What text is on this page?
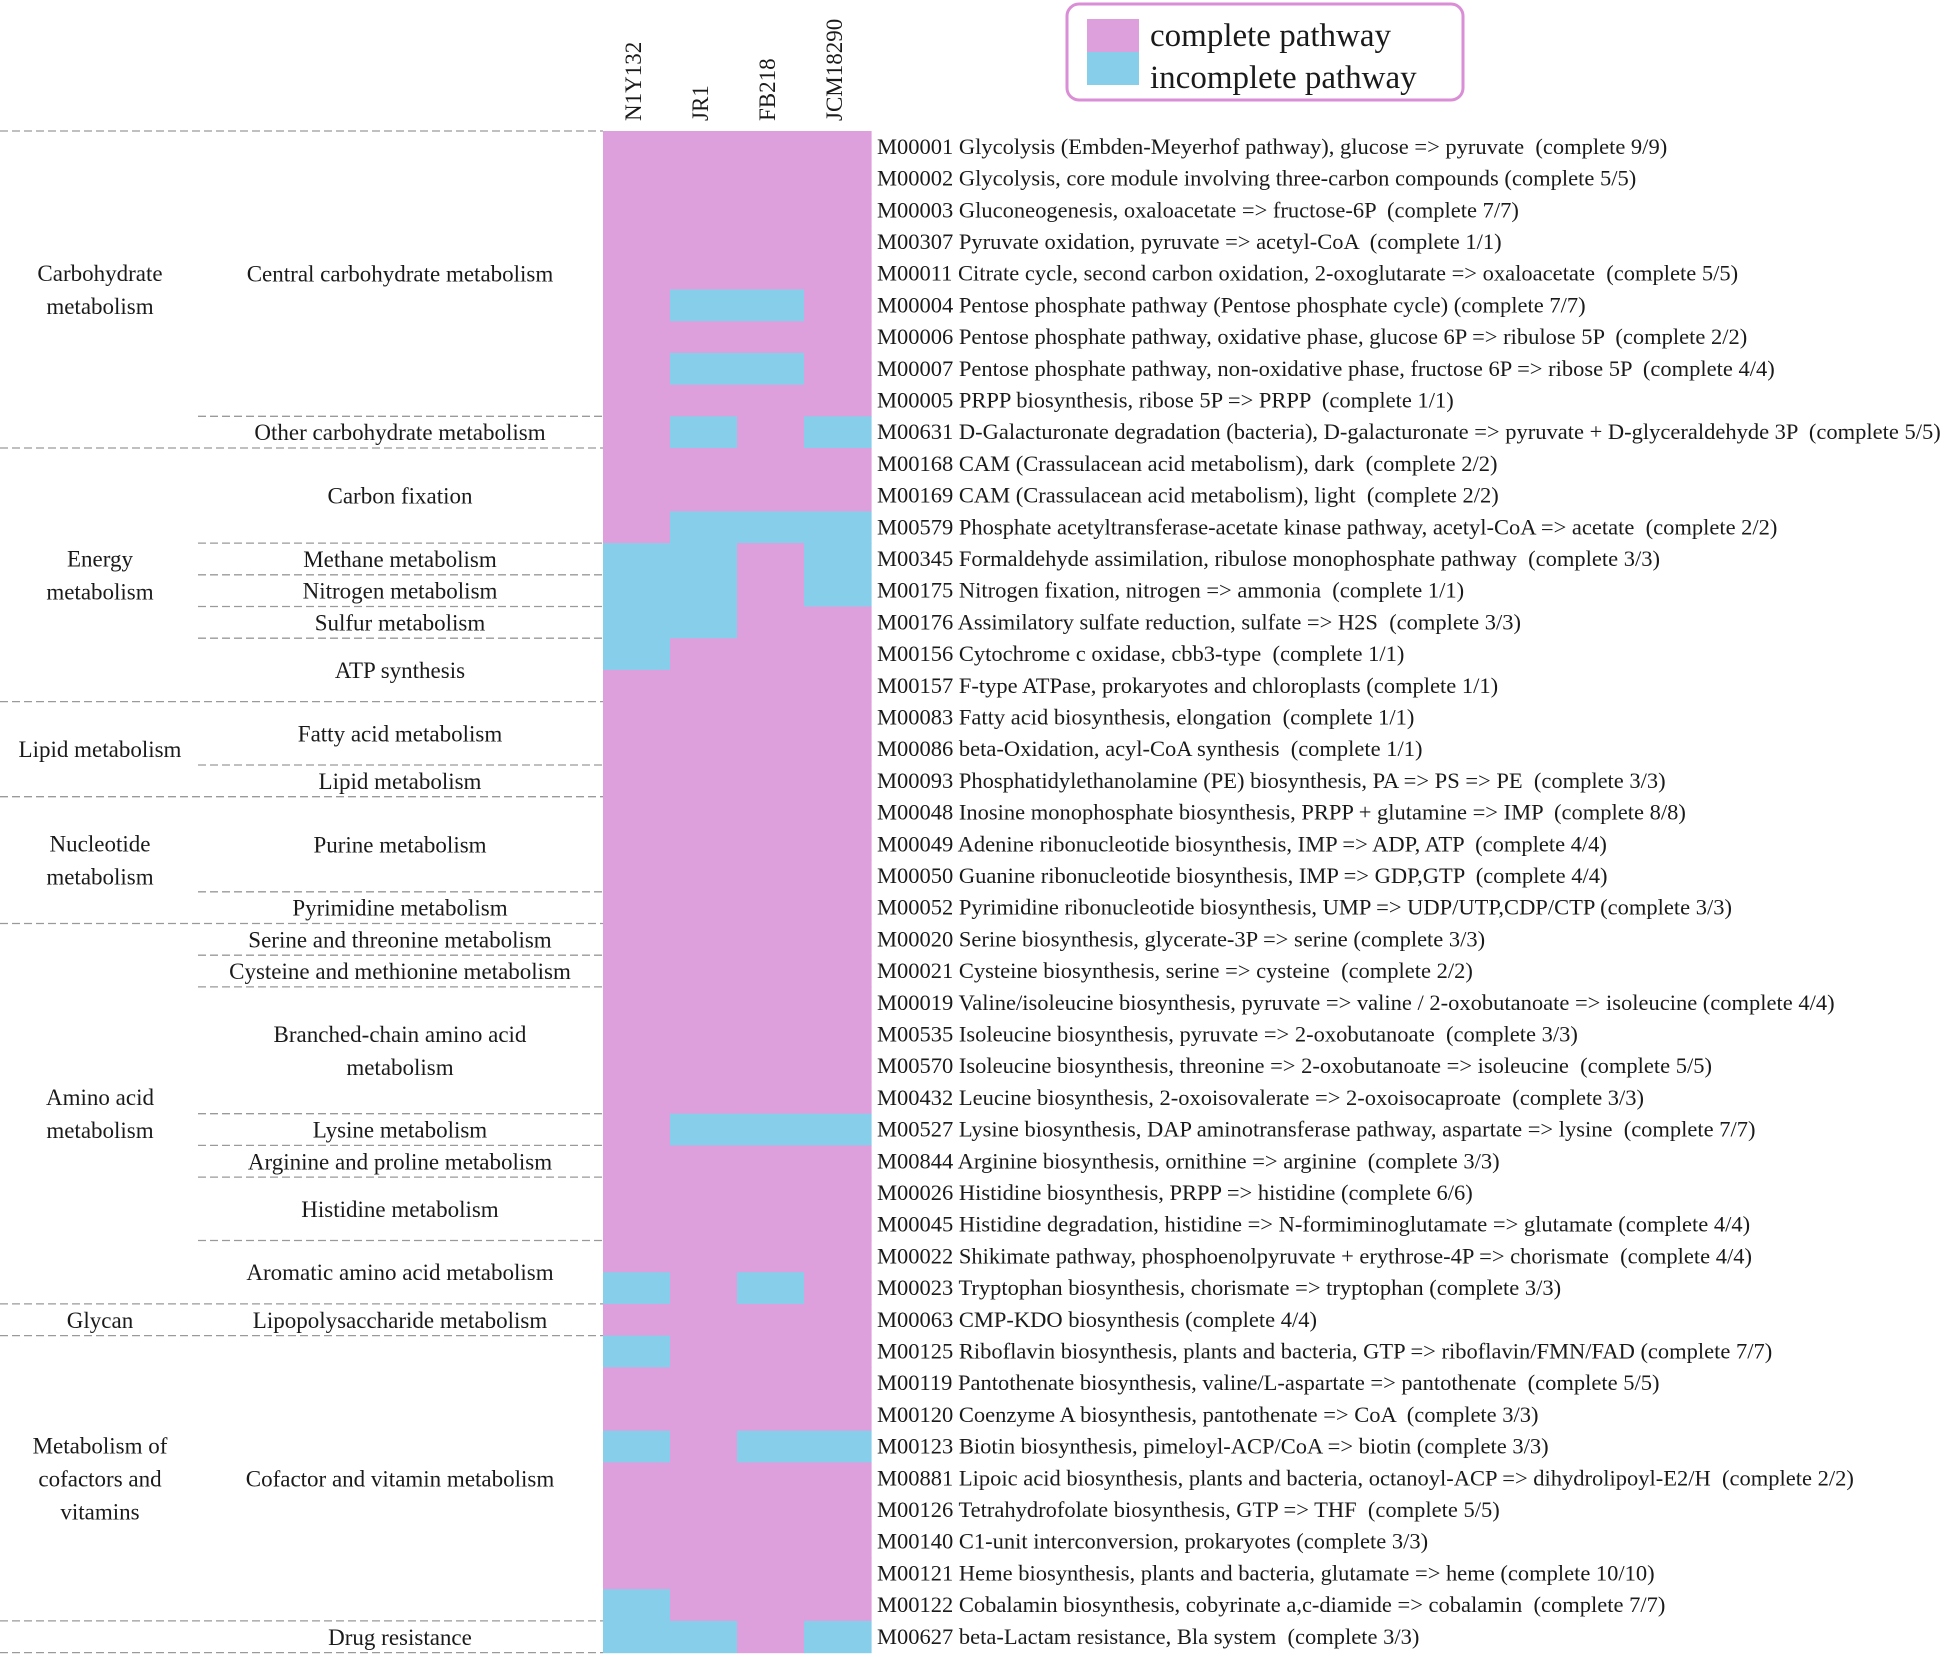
complete pathway
incomplete pathway
N1Y132 JR1 FB218 JCM18290
M00001 Glycolysis (Embden-Meyerhof pathway), glucose => pyruvate  (complete 9/9)
M00002 Glycolysis, core module involving three-carbon compounds (complete 5/5)
M00003 Gluconeogenesis, oxaloacetate => fructose-6P  (complete 7/7)
M00307 Pyruvate oxidation, pyruvate => acetyl-CoA  (complete 1/1)
M00011 Citrate cycle, second carbon oxidation, 2-oxoglutarate => oxaloacetate  (complete 5/5)
M00004 Pentose phosphate pathway (Pentose phosphate cycle) (complete 7/7)
M00006 Pentose phosphate pathway, oxidative phase, glucose 6P => ribulose 5P  (complete 2/2)
M00007 Pentose phosphate pathway, non-oxidative phase, fructose 6P => ribose 5P  (complete 4/4)
M00005 PRPP biosynthesis, ribose 5P => PRPP  (complete 1/1)
M00631 D-Galacturonate degradation (bacteria), D-galacturonate => pyruvate + D-glyceraldehyde 3P  (complete 5/5)
M00168 CAM (Crassulacean acid metabolism), dark  (complete 2/2)
M00169 CAM (Crassulacean acid metabolism), light  (complete 2/2)
M00579 Phosphate acetyltransferase-acetate kinase pathway, acetyl-CoA => acetate  (complete 2/2)
M00345 Formaldehyde assimilation, ribulose monophosphate pathway  (complete 3/3)
M00175 Nitrogen fixation, nitrogen => ammonia  (complete 1/1)
M00176 Assimilatory sulfate reduction, sulfate => H2S  (complete 3/3)
M00156 Cytochrome c oxidase, cbb3-type  (complete 1/1)
M00157 F-type ATPase, prokaryotes and chloroplasts (complete 1/1)
M00083 Fatty acid biosynthesis, elongation  (complete 1/1)
M00086 beta-Oxidation, acyl-CoA synthesis  (complete 1/1)
M00093 Phosphatidylethanolamine (PE) biosynthesis, PA => PS => PE  (complete 3/3)
M00048 Inosine monophosphate biosynthesis, PRPP + glutamine => IMP  (complete 8/8)
M00049 Adenine ribonucleotide biosynthesis, IMP => ADP, ATP  (complete 4/4)
M00050 Guanine ribonucleotide biosynthesis, IMP => GDP,GTP  (complete 4/4)
M00052 Pyrimidine ribonucleotide biosynthesis, UMP => UDP/UTP,CDP/CTP (complete 3/3)
M00020 Serine biosynthesis, glycerate-3P => serine (complete 3/3)
M00021 Cysteine biosynthesis, serine => cysteine  (complete 2/2)
M00019 Valine/isoleucine biosynthesis, pyruvate => valine / 2-oxobutanoate => isoleucine (complete 4/4)
M00535 Isoleucine biosynthesis, pyruvate => 2-oxobutanoate  (complete 3/3)
M00570 Isoleucine biosynthesis, threonine => 2-oxobutanoate => isoleucine  (complete 5/5)
M00432 Leucine biosynthesis, 2-oxoisovalerate => 2-oxoisocaproate  (complete 3/3)
M00527 Lysine biosynthesis, DAP aminotransferase pathway, aspartate => lysine  (complete 7/7)
M00844 Arginine biosynthesis, ornithine => arginine  (complete 3/3)
M00026 Histidine biosynthesis, PRPP => histidine (complete 6/6)
M00045 Histidine degradation, histidine => N-formiminoglutamate => glutamate (complete 4/4)
M00022 Shikimate pathway, phosphoenolpyruvate + erythrose-4P => chorismate  (complete 4/4)
M00023 Tryptophan biosynthesis, chorismate => tryptophan (complete 3/3)
M00063 CMP-KDO biosynthesis (complete 4/4)
M00125 Riboflavin biosynthesis, plants and bacteria, GTP => riboflavin/FMN/FAD (complete 7/7)
M00119 Pantothenate biosynthesis, valine/L-aspartate => pantothenate  (complete 5/5)
M00120 Coenzyme A biosynthesis, pantothenate => CoA  (complete 3/3)
M00123 Biotin biosynthesis, pimeloyl-ACP/CoA => biotin (complete 3/3)
M00881 Lipoic acid biosynthesis, plants and bacteria, octanoyl-ACP => dihydrolipoyl-E2/H  (complete 2/2)
M00126 Tetrahydrofolate biosynthesis, GTP => THF  (complete 5/5)
M00140 C1-unit interconversion, prokaryotes (complete 3/3)
M00121 Heme biosynthesis, plants and bacteria, glutamate => heme (complete 10/10)
M00122 Cobalamin biosynthesis, cobyrinate a,c-diamide => cobalamin  (complete 7/7)
M00627 beta-Lactam resistance, Bla system  (complete 3/3)
Carbohydrate
metabolism
Energy
metabolism
Lipid metabolism
Nucleotide
metabolism
Amino acid
metabolism
Glycan
Metabolism of
cofactors and
vitamins
Central carbohydrate metabolism
Other carbohydrate metabolism
Carbon fixation
Methane metabolism
Nitrogen metabolism
Sulfur metabolism
ATP synthesis
Fatty acid metabolism
Lipid metabolism
Purine metabolism
Pyrimidine metabolism
Serine and threonine metabolism
Cysteine and methionine metabolism
Branched-chain amino acid
metabolism
Lysine metabolism
Arginine and proline metabolism
Histidine metabolism
Aromatic amino acid metabolism
Lipopolysaccharide metabolism
Cofactor and vitamin metabolism
Drug resistance
